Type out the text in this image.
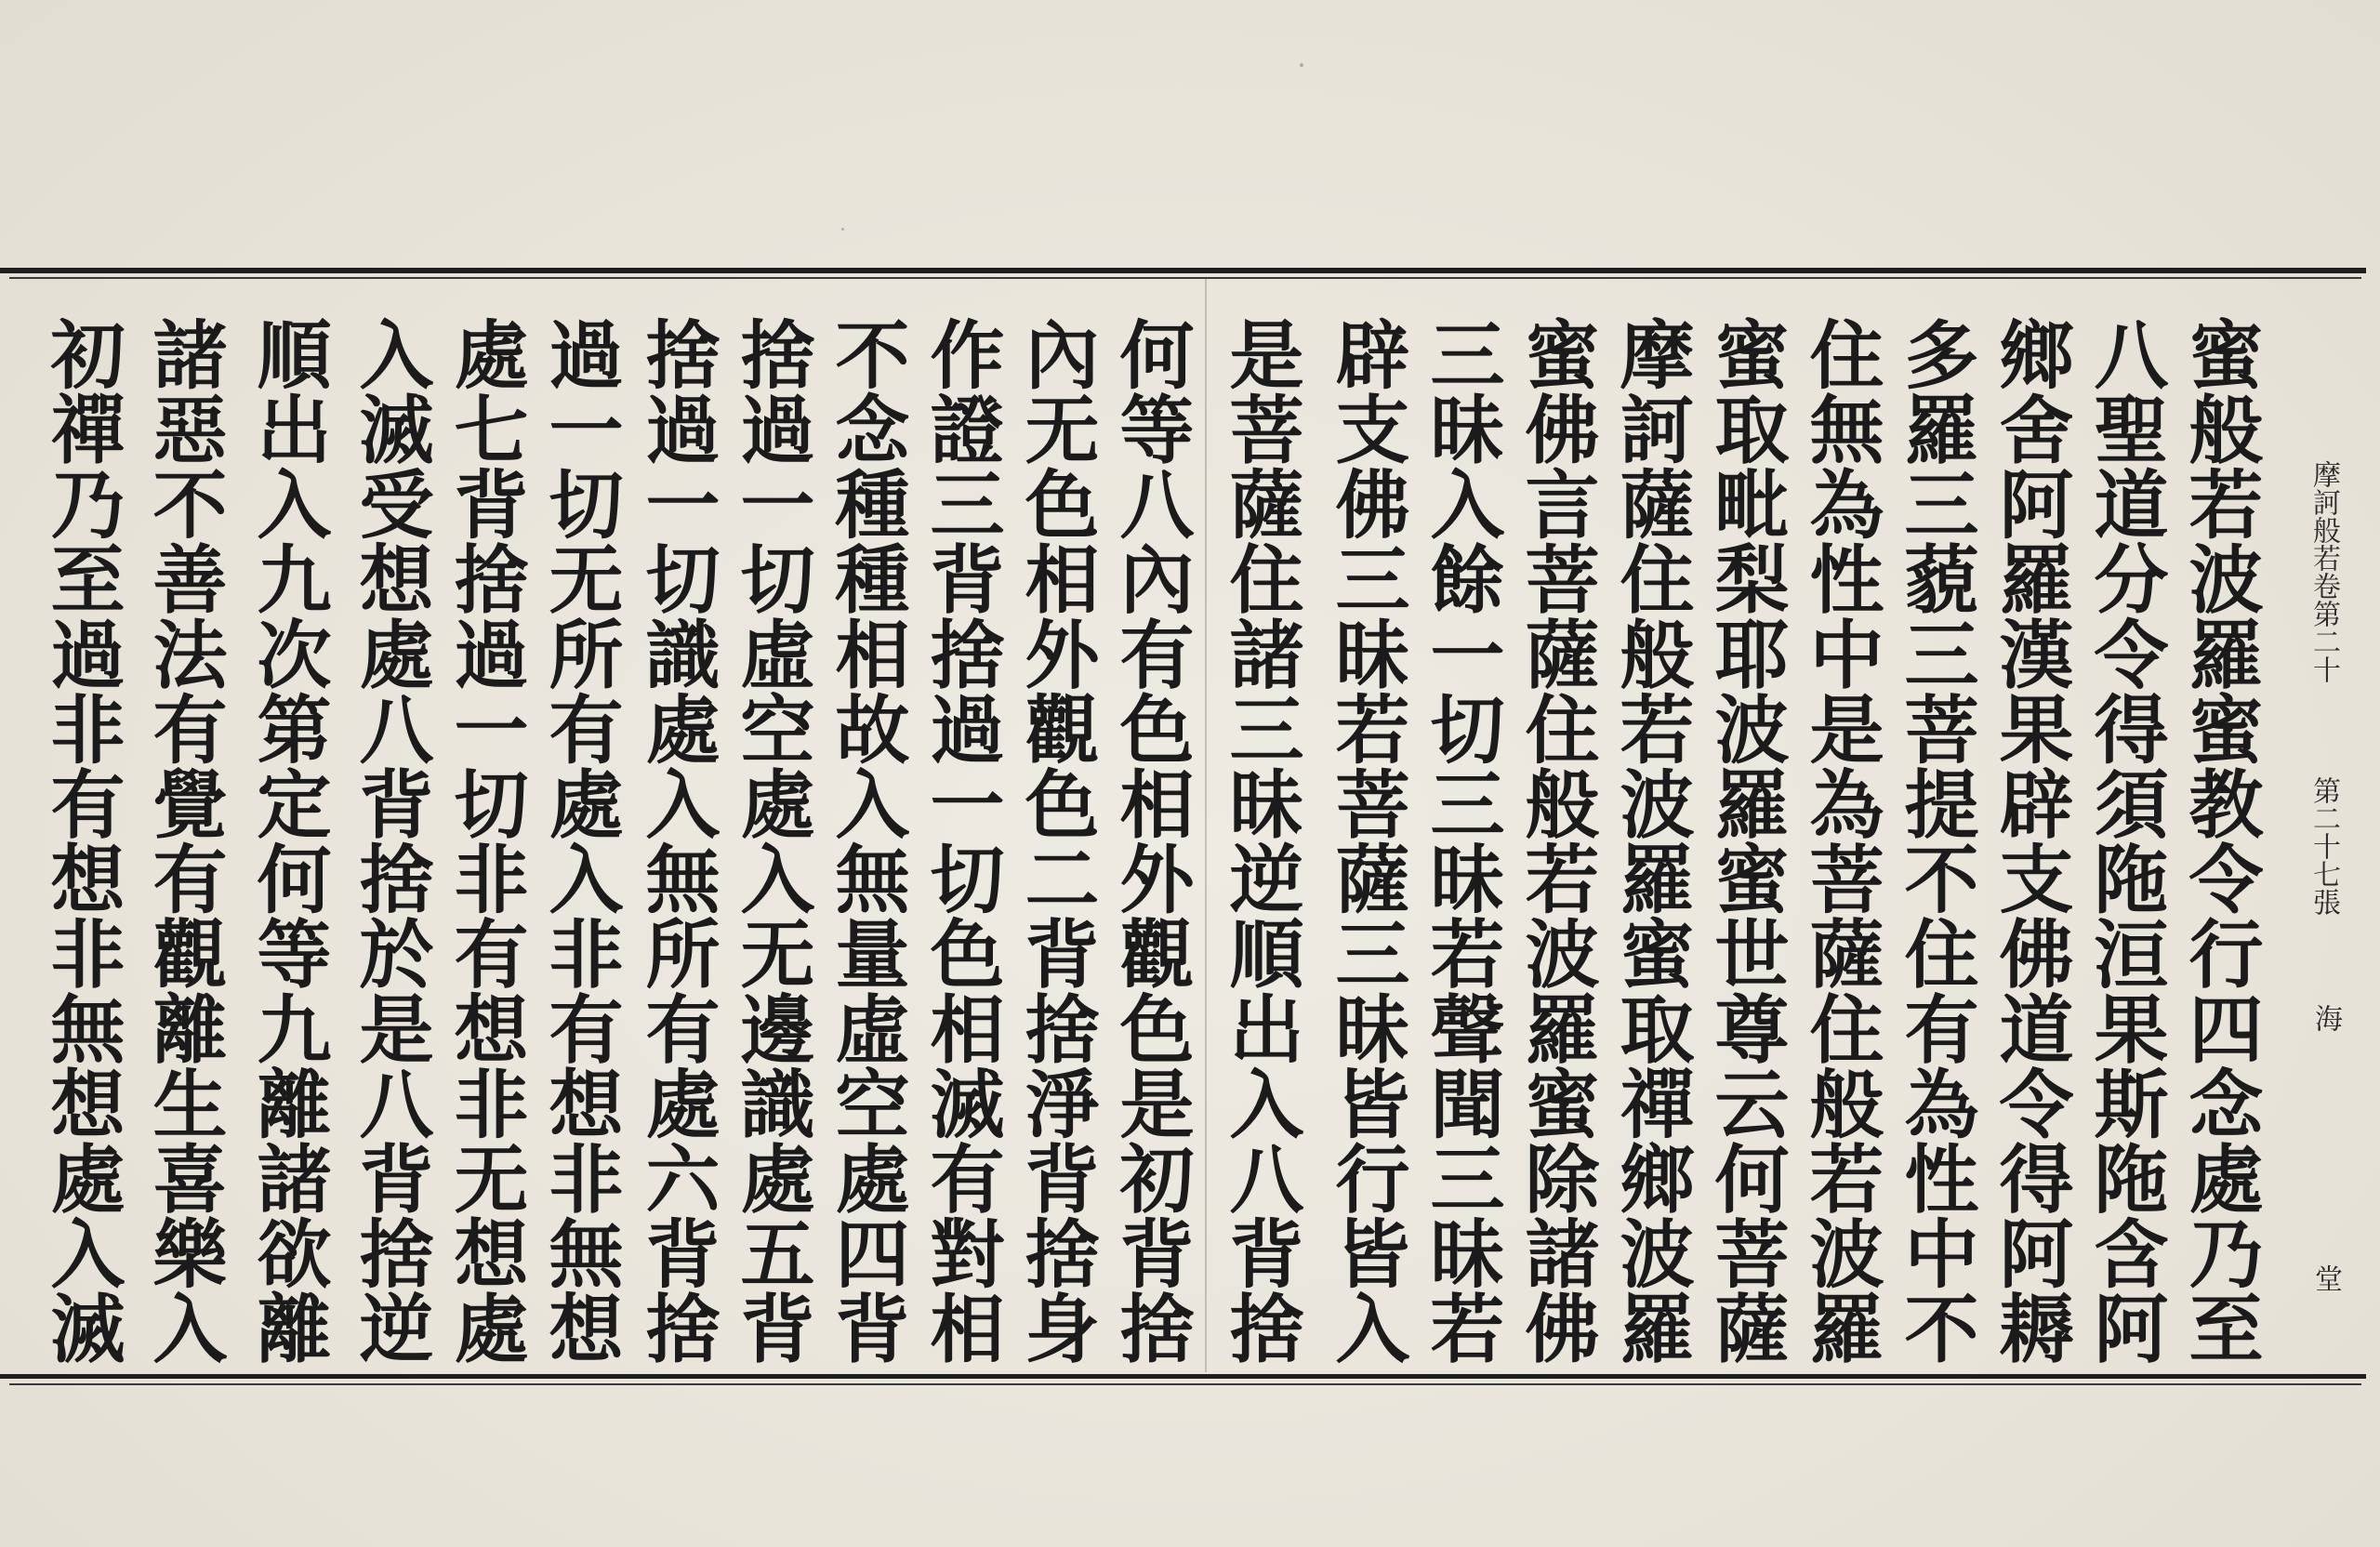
蜜般若波羅蜜教令行四念處乃至
八聖道分令得須陁洹果斯陁含阿
鄉舍阿羅漢果辟支佛道令得阿耨
多羅三藐三菩提不住有為性中不
住無為性中是為菩薩住般若波羅
蜜取毗梨耶波羅蜜世尊云何菩薩
摩訶薩住般若波羅蜜取禪鄉波羅
蜜佛言菩薩住般若波羅蜜除諸佛
三昧入餘一切三昧若聲聞三昧若
辟支佛三昧若菩薩三昧皆行皆入
是菩薩住諸三昧逆順出入八背捨
何等八內有色相外觀色是初背捨
內无色相外觀色二背捨淨背捨身
作證三背捨過一切色相滅有對相
不念種種相故入無量虛空處四背
捨過一切虛空處入无邊識處五背
捨過一切識處入無所有處六背捨
過一切无所有處入非有想非無想
處七背捨過一切非有想非无想處
入滅受想處八背捨於是八背捨逆
順出入九次第定何等九離諸欲離
諸惡不善法有覺有觀離生喜樂入
初禪乃至過非有想非無想處入滅	摩訶般若卷第二十
第二十七張
海
堂
